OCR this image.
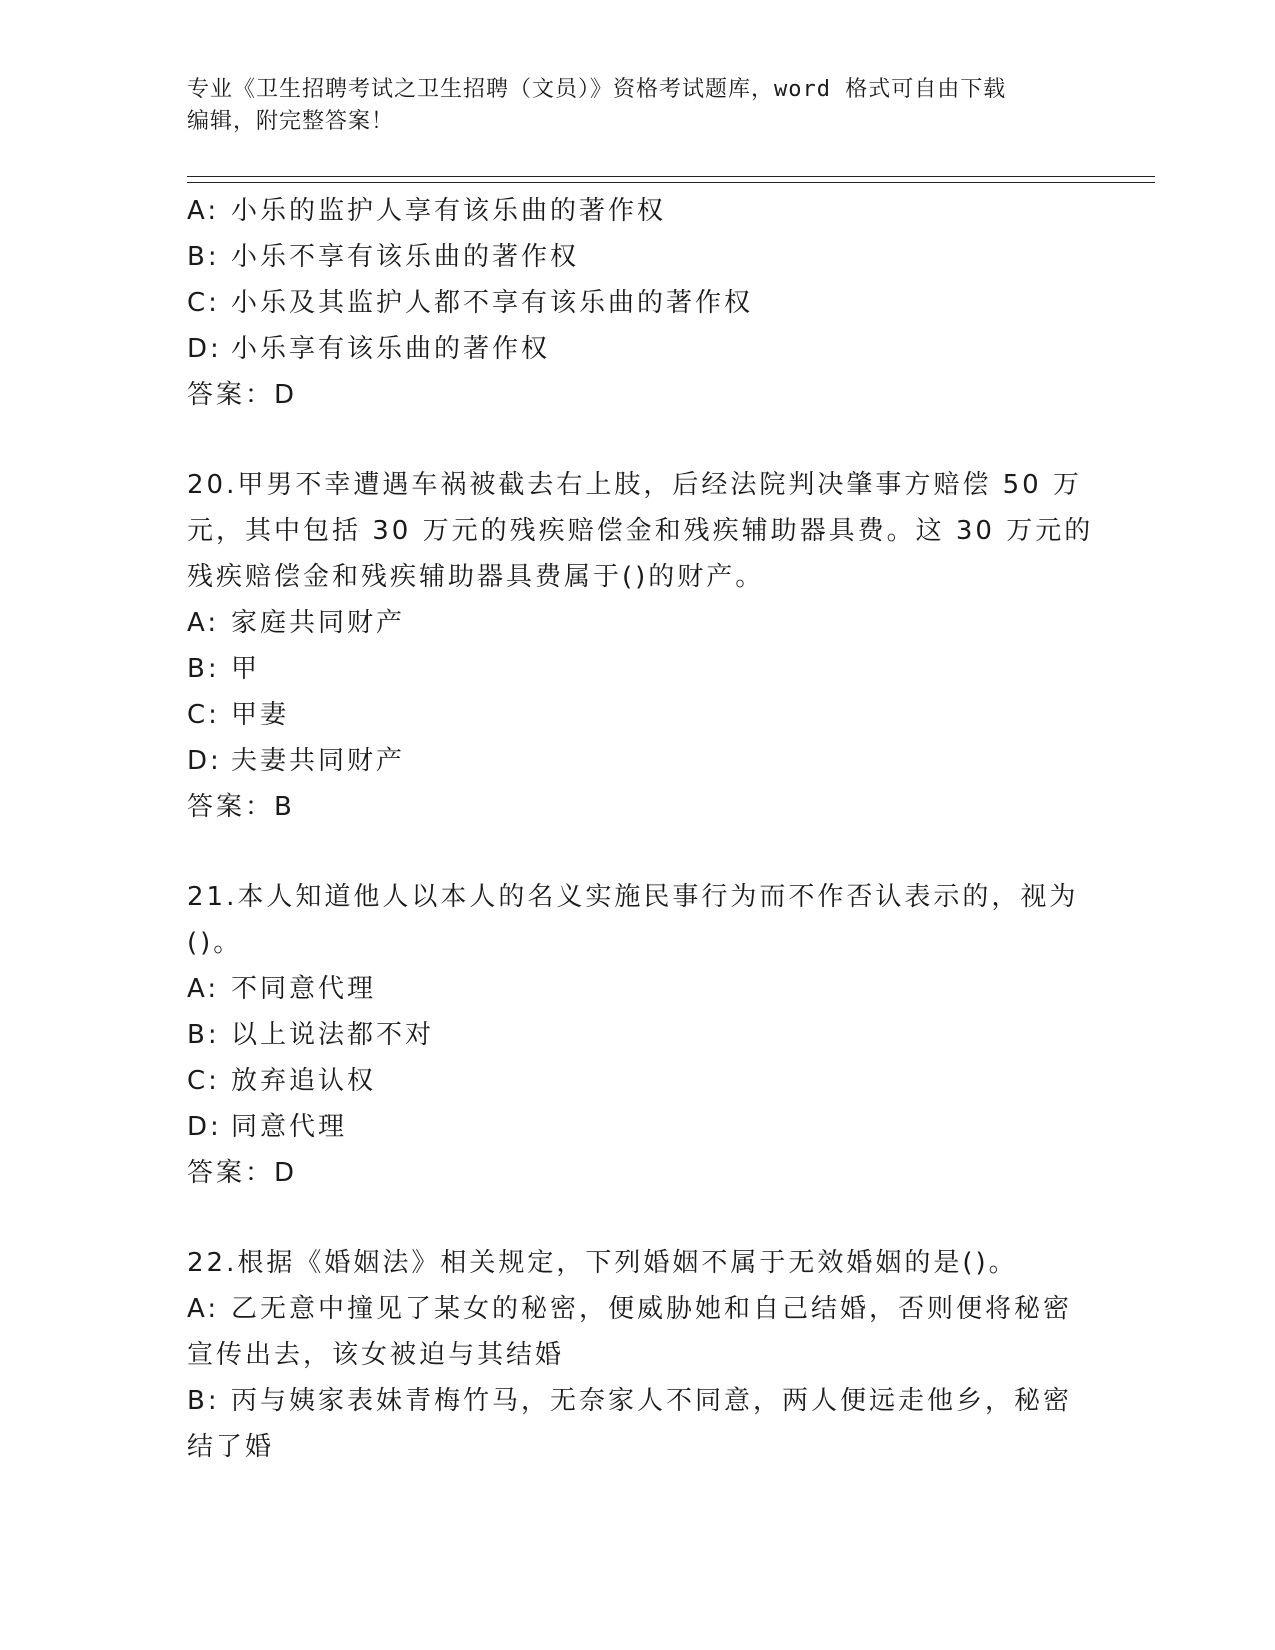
专业《卫生招聘考试之卫生招聘（文员）》资格考试题库，word 格式可自由下载
编辑，附完整答案！
A: 小乐的监护人享有该乐曲的著作权
B: 小乐不享有该乐曲的著作权
C: 小乐及其监护人都不享有该乐曲的著作权
D: 小乐享有该乐曲的著作权
答案：D
20.甲男不幸遭遇车祸被截去右上肢，后经法院判决肇事方赔偿 50 万
元，其中包括 30 万元的残疾赔偿金和残疾辅助器具费。这 30 万元的
残疾赔偿金和残疾辅助器具费属于()的财产。
A: 家庭共同财产
B: 甲
C: 甲妻
D: 夫妻共同财产
答案：B
21.本人知道他人以本人的名义实施民事行为而不作否认表示的，视为
()。
A: 不同意代理
B: 以上说法都不对
C: 放弃追认权
D: 同意代理
答案：D
22.根据《婚姻法》相关规定，下列婚姻不属于无效婚姻的是()。
A: 乙无意中撞见了某女的秘密，便威胁她和自己结婚，否则便将秘密
宣传出去，该女被迫与其结婚
B: 丙与姨家表妹青梅竹马，无奈家人不同意，两人便远走他乡，秘密
结了婚
